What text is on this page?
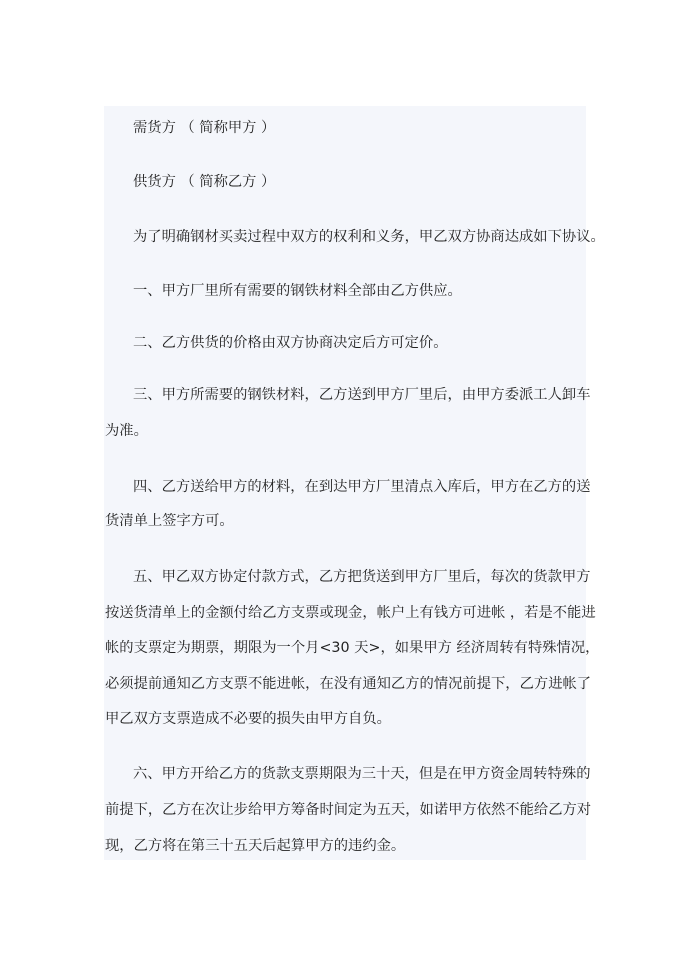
需货方 （ 简称甲方 ）
供货方 （ 简称乙方 ）
为了明确钢材买卖过程中双方的权利和义务，甲乙双方协商达成如下协议。
一、甲方厂里所有需要的钢铁材料全部由乙方供应。
二、乙方供货的价格由双方协商决定后方可定价。
三、甲方所需要的钢铁材料，乙方送到甲方厂里后，由甲方委派工人卸车
为准。
四、乙方送给甲方的材料，在到达甲方厂里清点入库后，甲方在乙方的送
货清单上签字方可。
五、甲乙双方协定付款方式，乙方把货送到甲方厂里后，每次的货款甲方
按送货清单上的金额付给乙方支票或现金，帐户上有钱方可进帐 ，若是不能进
帐的支票定为期票，期限为一个月<30 天>，如果甲方 经济周转有特殊情况，
必须提前通知乙方支票不能进帐，在没有通知乙方的情况前提下，乙方进帐了
甲乙双方支票造成不必要的损失由甲方自负。
六、甲方开给乙方的货款支票期限为三十天，但是在甲方资金周转特殊的
前提下，乙方在次让步给甲方筹备时间定为五天，如诺甲方依然不能给乙方对
现，乙方将在第三十五天后起算甲方的违约金。
